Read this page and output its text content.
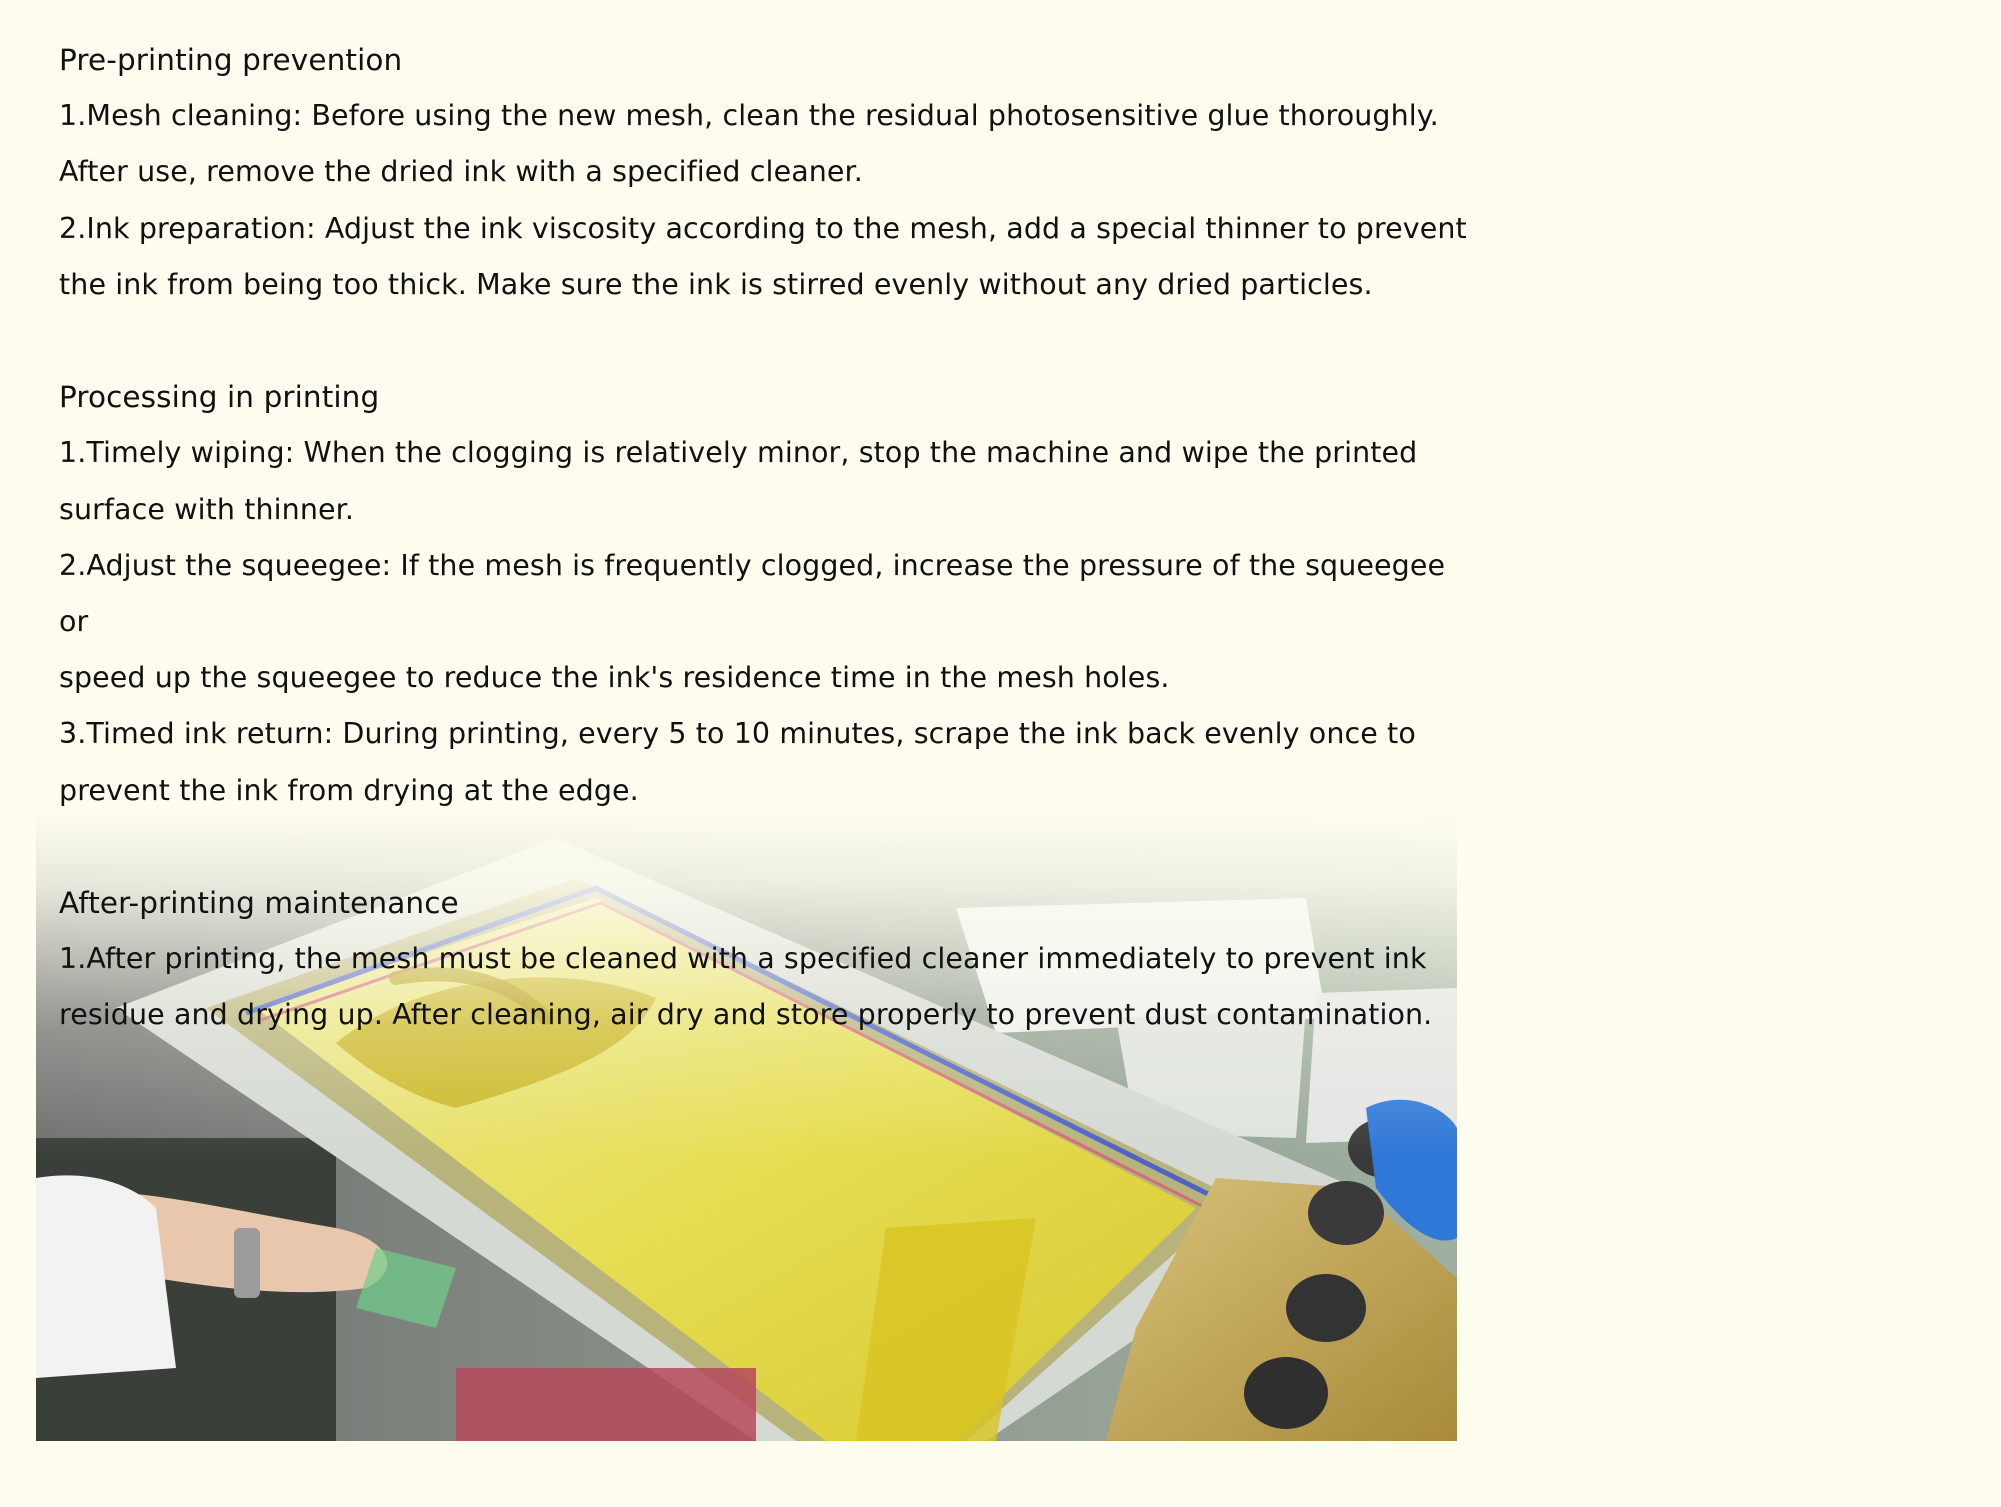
Pre-printing prevention

1.Mesh cleaning: Before using the new mesh, clean the residual photosensitive glue thoroughly.

After use, remove the dried ink with a specified cleaner.

2.Ink preparation: Adjust the ink viscosity according to the mesh, add a special thinner to prevent

the ink from being too thick. Make sure the ink is stirred evenly without any dried particles.

Processing in printing

1.Timely wiping: When the clogging is relatively minor, stop the machine and wipe the printed

surface with thinner.

2.Adjust the squeegee: If the mesh is frequently clogged, increase the pressure of the squeegee or

speed up the squeegee to reduce the ink's residence time in the mesh holes.

3.Timed ink return: During printing, every 5 to 10 minutes, scrape the ink back evenly once to

prevent the ink from drying at the edge.

After-printing maintenance

1.After printing, the mesh must be cleaned with a specified cleaner immediately to prevent ink

residue and drying up. After cleaning, air dry and store properly to prevent dust contamination.
